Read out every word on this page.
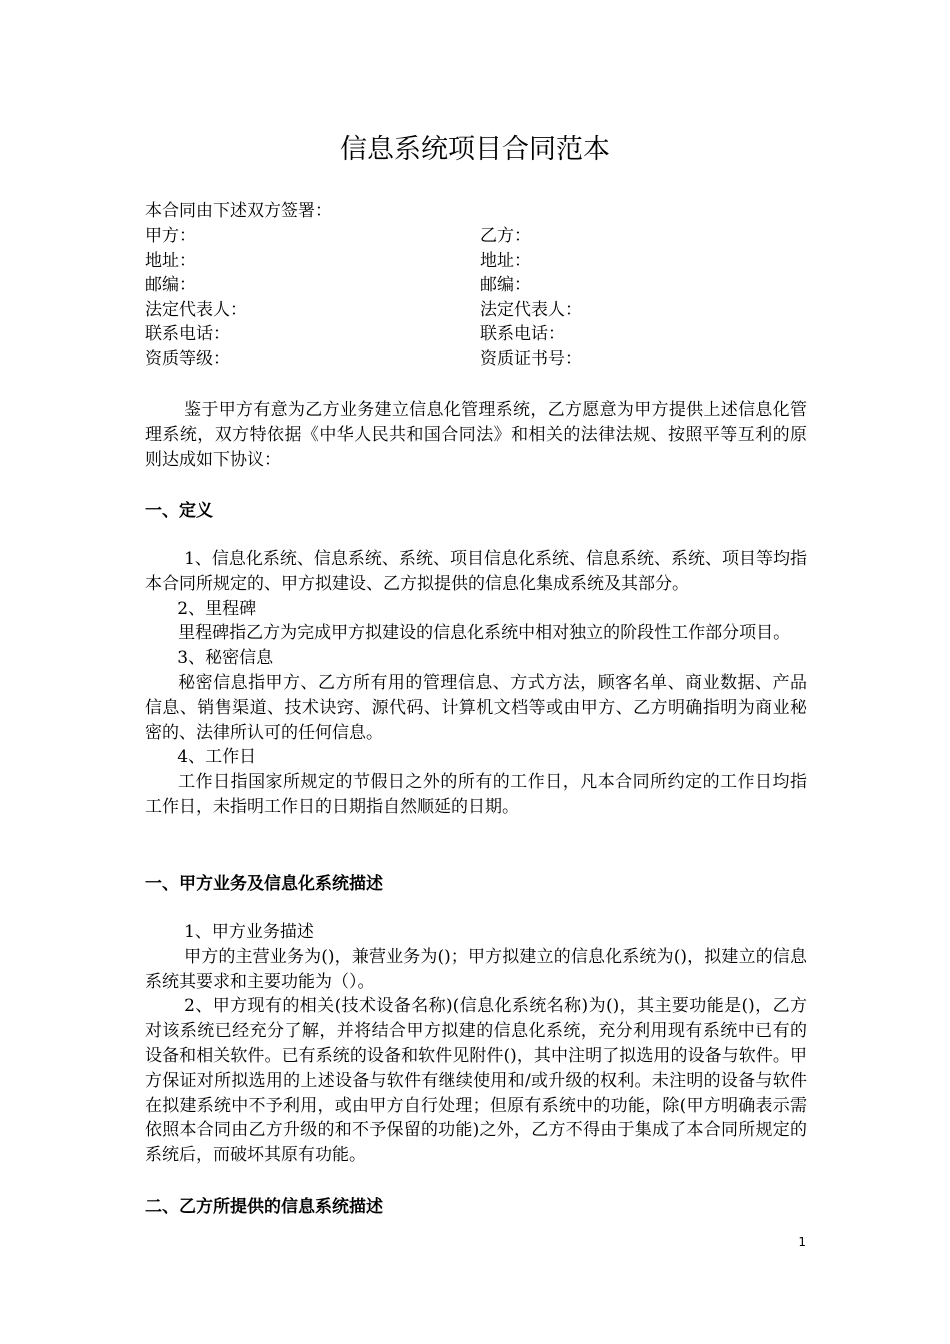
信息系统项目合同范本
本合同由下述双方签署：
甲方：	乙方：
地址：	地址：
邮编：	邮编：
法定代表人：	法定代表人：
联系电话：	联系电话：
资质等级：	资质证书号：

鉴于甲方有意为乙方业务建立信息化管理系统，乙方愿意为甲方提供上述信息化管理系统，双方特依据《中华人民共和国合同法》和相关的法律法规、按照平等互利的原则达成如下协议：

一、定义

1、信息化系统、信息系统、系统、项目信息化系统、信息系统、系统、项目等均指本合同所规定的、甲方拟建设、乙方拟提供的信息化集成系统及其部分。

2、里程碑

里程碑指乙方为完成甲方拟建设的信息化系统中相对独立的阶段性工作部分项目。

3、秘密信息

秘密信息指甲方、乙方所有用的管理信息、方式方法，顾客名单、商业数据、产品信息、销售渠道、技术诀窍、源代码、计算机文档等或由甲方、乙方明确指明为商业秘密的、法律所认可的任何信息。

4、工作日

工作日指国家所规定的节假日之外的所有的工作日，凡本合同所约定的工作日均指工作日，未指明工作日的日期指自然顺延的日期。

一、甲方业务及信息化系统描述

1、甲方业务描述

甲方的主营业务为()，兼营业务为()；甲方拟建立的信息化系统为()，拟建立的信息系统其要求和主要功能为（）。

2、甲方现有的相关(技术设备名称)(信息化系统名称)为()，其主要功能是()，乙方对该系统已经充分了解，并将结合甲方拟建的信息化系统，充分利用现有系统中已有的设备和相关软件。已有系统的设备和软件见附件()，其中注明了拟选用的设备与软件。甲方保证对所拟选用的上述设备与软件有继续使用和/或升级的权利。未注明的设备与软件在拟建系统中不予利用，或由甲方自行处理；但原有系统中的功能，除(甲方明确表示需依照本合同由乙方升级的和不予保留的功能)之外，乙方不得由于集成了本合同所规定的系统后，而破坏其原有功能。

二、乙方所提供的信息系统描述
1
